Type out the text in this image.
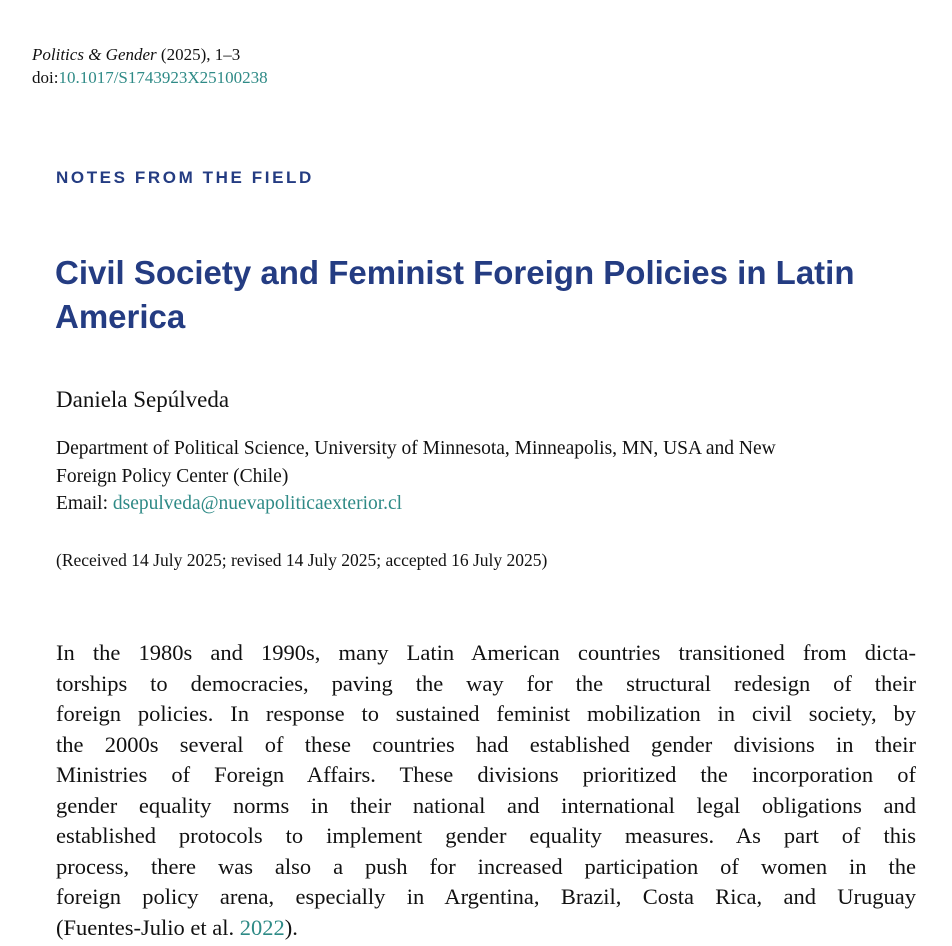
Politics & Gender (2025), 1–3
doi:10.1017/S1743923X25100238
NOTES FROM THE FIELD
Civil Society and Feminist Foreign Policies in Latin America
Daniela Sepúlveda
Department of Political Science, University of Minnesota, Minneapolis, MN, USA and New
Foreign Policy Center (Chile)
Email: dsepulveda@nuevapoliticaexterior.cl
(Received 14 July 2025; revised 14 July 2025; accepted 16 July 2025)
In the 1980s and 1990s, many Latin American countries transitioned from dicta-
torships to democracies, paving the way for the structural redesign of their
foreign policies. In response to sustained feminist mobilization in civil society, by
the 2000s several of these countries had established gender divisions in their
Ministries of Foreign Affairs. These divisions prioritized the incorporation of
gender equality norms in their national and international legal obligations and
established protocols to implement gender equality measures. As part of this
process, there was also a push for increased participation of women in the
foreign policy arena, especially in Argentina, Brazil, Costa Rica, and Uruguay
(Fuentes-Julio et al. 2022).
